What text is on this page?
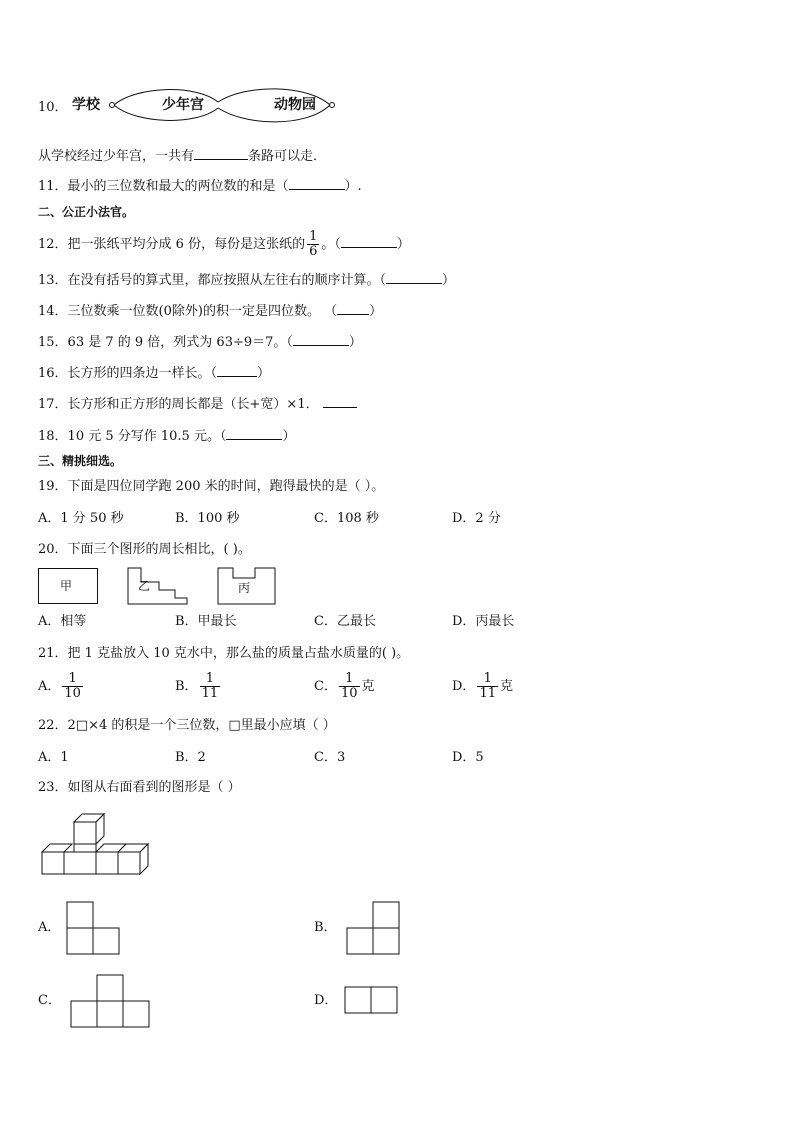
10． 学校	少年宫	动物园
从学校经过少年宫，一共有	条路可以走．
11．最小的三位数和最大的两位数的和是（	）.
二、公正小法官。
12．把一张纸平均分成 6 份，每份是这张纸的 $\frac{1}{6}$ 。（	）
13．在没有括号的算式里，都应按照从左往右的顺序计算。（	）
14．三位数乘一位数(0除外)的积一定是四位数。 （ ）
15．63 是 7 的 9 倍，列式为 63÷9＝7。（	）
16．长方形的四条边一样长。（	）
17．长方形和正方形的周长都是（长+宽）×1．
18．10 元 5 分写作 10.5 元。（	）
三、精挑细选。
19．下面是四位同学跑 200 米的时间，跑得最快的是（ ）。
A．1 分 50 秒	B．100 秒	C．108 秒	D．2 分
20．下面三个图形的周长相比，( )。
甲	乙	丙
A．相等	B．甲最长	C．乙最长	D．丙最长
21．把 1 克盐放入 10 克水中，那么盐的质量占盐水质量的( )。
A． $\frac{1}{10}$	B． $\frac{1}{11}$	C． $\frac{1}{10}$ 克	D． $\frac{1}{11}$ 克
22．2□×4 的积是一个三位数，□里最小应填（ ）
A．1	B．2	C．3	D．5
23．如图从右面看到的图形是（ ）
A．	B．
C．	D．
